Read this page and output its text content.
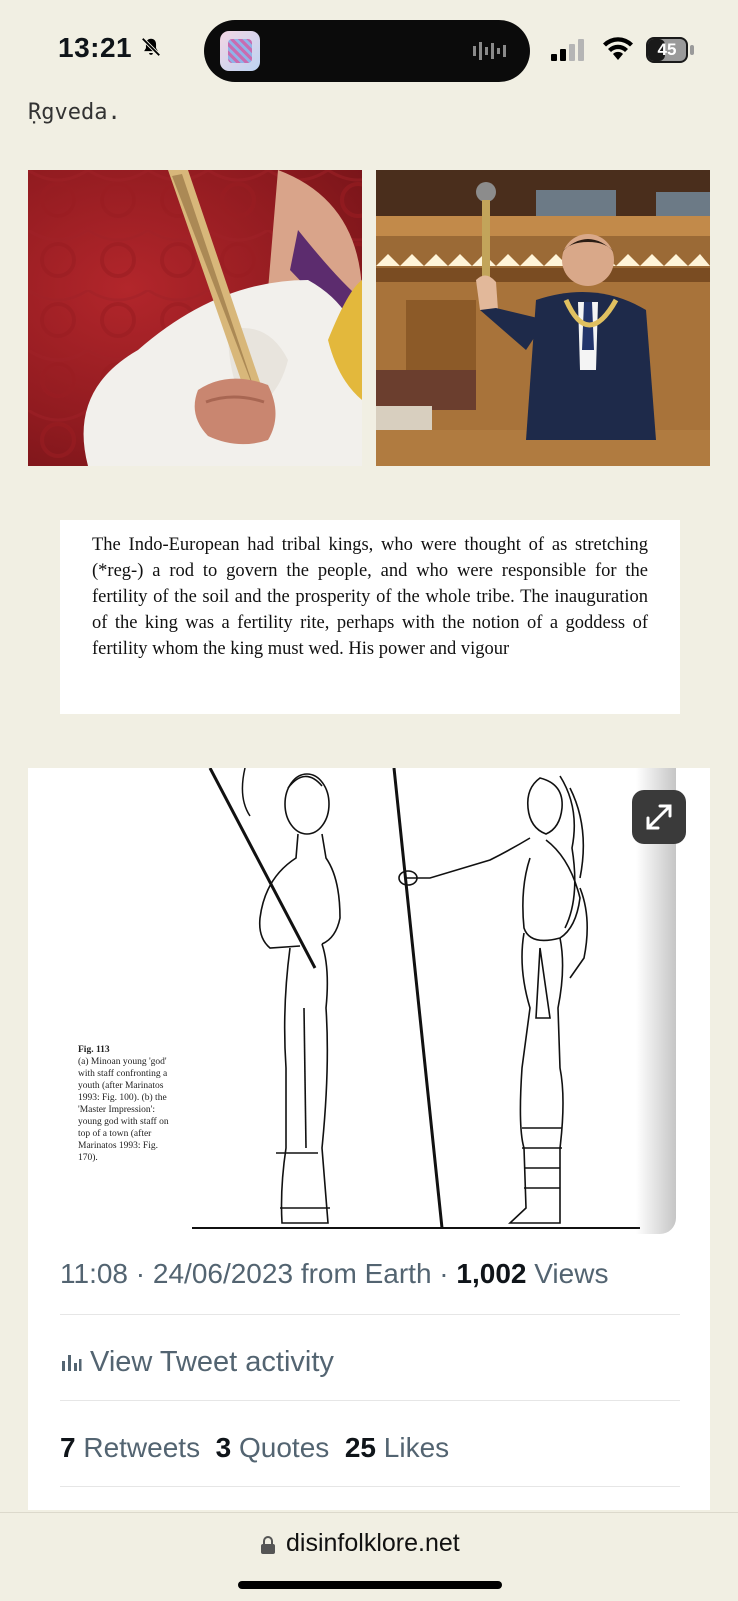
13:21	45
Ṛgveda.
The Indo-European had tribal kings, who were thought of as stretching (*reg-) a rod to govern the people, and who were responsible for the fertility of the soil and the prosperity of the whole tribe. The inauguration of the king was a fertility rite, perhaps with the notion of a goddess of fertility whom the king must wed. His power and vigour
Fig. 113
(a) Minoan young 'god' with staff confronting a youth (after Marinatos 1993: Fig. 100). (b) the 'Master Impression': young god with staff on top of a town (after Marinatos 1993: Fig. 170).
11:08 · 24/06/2023 from Earth · 1,002 Views
View Tweet activity
7 Retweets 3 Quotes 25 Likes
disinfolklore.net
